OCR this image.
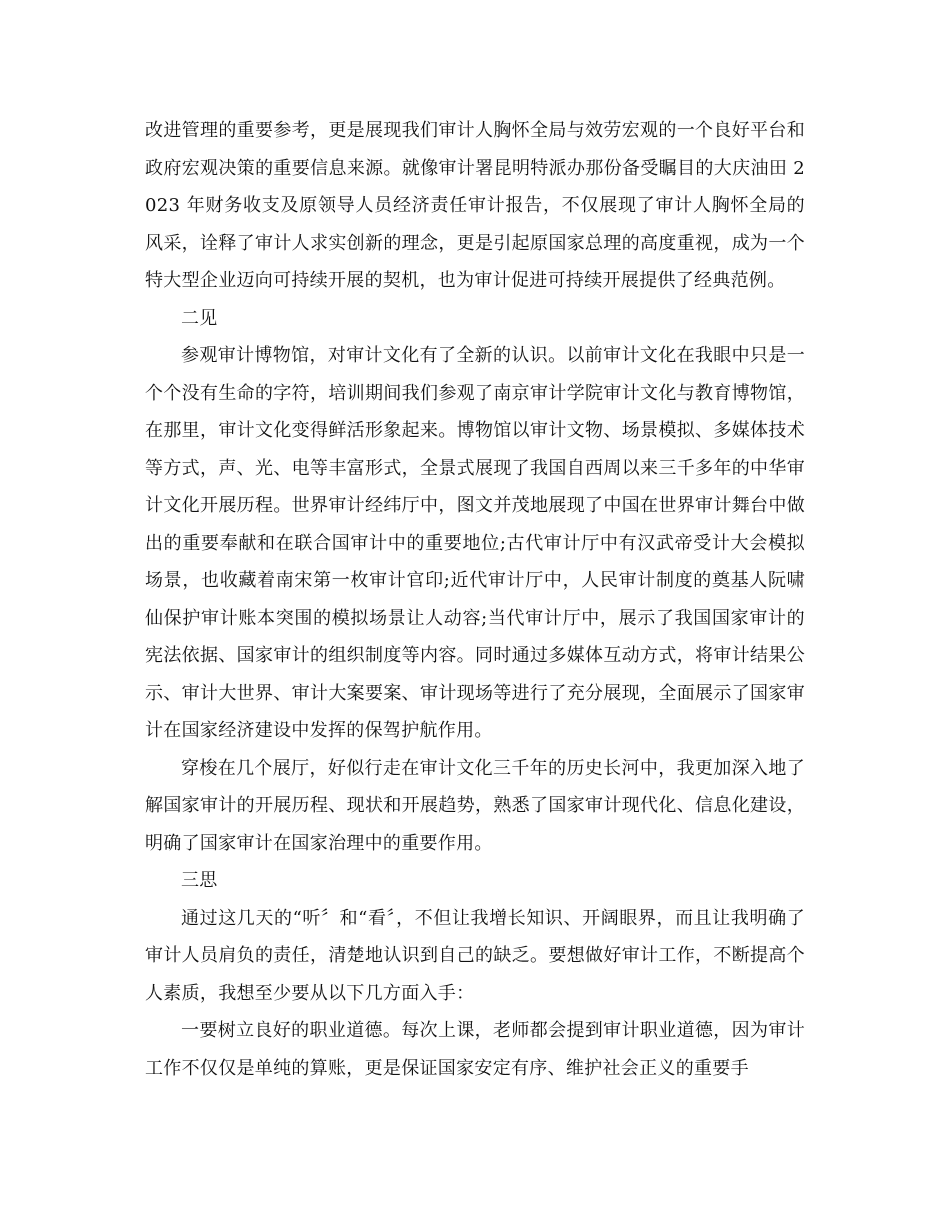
改进管理的重要参考，更是展现我们审计人胸怀全局与效劳宏观的一个良好平台和政府宏观决策的重要信息来源。就像审计署昆明特派办那份备受瞩目的大庆油田 2023 年财务收支及原领导人员经济责任审计报告，不仅展现了审计人胸怀全局的风采，诠释了审计人求实创新的理念，更是引起原国家总理的高度重视，成为一个特大型企业迈向可持续开展的契机，也为审计促进可持续开展提供了经典范例。

二见

参观审计博物馆，对审计文化有了全新的认识。以前审计文化在我眼中只是一个个没有生命的字符，培训期间我们参观了南京审计学院审计文化与教育博物馆，在那里，审计文化变得鲜活形象起来。博物馆以审计文物、场景模拟、多媒体技术等方式，声、光、电等丰富形式，全景式展现了我国自西周以来三千多年的中华审计文化开展历程。世界审计经纬厅中，图文并茂地展现了中国在世界审计舞台中做出的重要奉献和在联合国审计中的重要地位;古代审计厅中有汉武帝受计大会模拟场景，也收藏着南宋第一枚审计官印;近代审计厅中，人民审计制度的奠基人阮啸仙保护审计账本突围的模拟场景让人动容;当代审计厅中，展示了我国国家审计的宪法依据、国家审计的组织制度等内容。同时通过多媒体互动方式，将审计结果公示、审计大世界、审计大案要案、审计现场等进行了充分展现，全面展示了国家审计在国家经济建设中发挥的保驾护航作用。

穿梭在几个展厅，好似行走在审计文化三千年的历史长河中，我更加深入地了解国家审计的开展历程、现状和开展趋势，熟悉了国家审计现代化、信息化建设，明确了国家审计在国家治理中的重要作用。

三思

通过这几天的“听〞和“看〞，不但让我增长知识、开阔眼界，而且让我明确了审计人员肩负的责任，清楚地认识到自己的缺乏。要想做好审计工作，不断提高个人素质，我想至少要从以下几方面入手：

一要树立良好的职业道德。每次上课，老师都会提到审计职业道德，因为审计工作不仅仅是单纯的算账，更是保证国家安定有序、维护社会正义的重要手
